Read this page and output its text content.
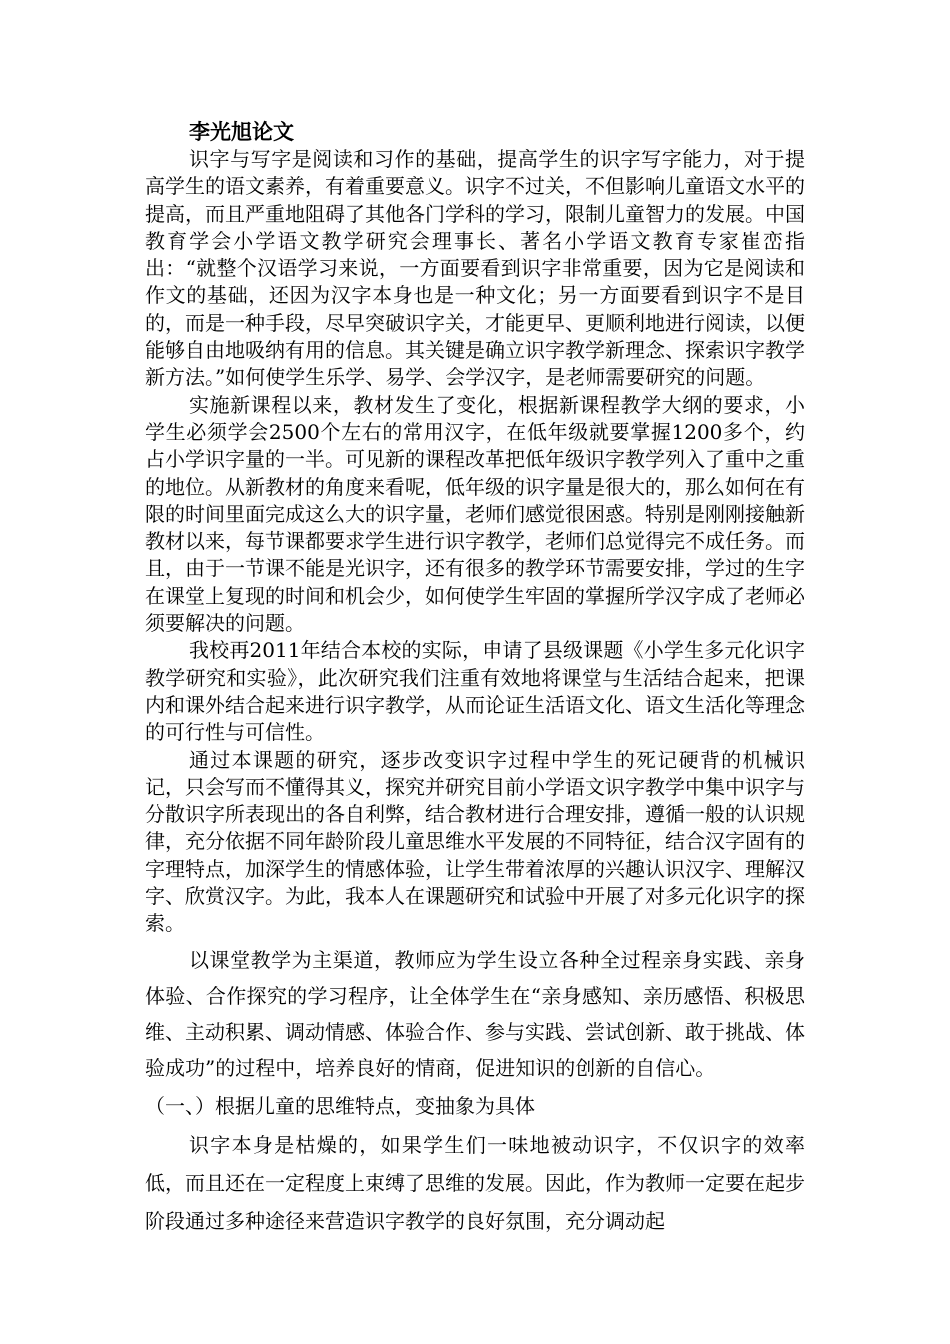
李光旭论文

识字与写字是阅读和习作的基础，提高学生的识字写字能力，对于提高学生的语文素养，有着重要意义。识字不过关，不但影响儿童语文水平的提高，而且严重地阻碍了其他各门学科的学习，限制儿童智力的发展。中国教育学会小学语文教学研究会理事长、著名小学语文教育专家崔峦指出：“就整个汉语学习来说，一方面要看到识字非常重要，因为它是阅读和作文的基础，还因为汉字本身也是一种文化；另一方面要看到识字不是目的，而是一种手段，尽早突破识字关，才能更早、更顺利地进行阅读，以便能够自由地吸纳有用的信息。其关键是确立识字教学新理念、探索识字教学新方法。”如何使学生乐学、易学、会学汉字，是老师需要研究的问题。

实施新课程以来，教材发生了变化，根据新课程教学大纲的要求，小学生必须学会2500个左右的常用汉字，在低年级就要掌握1200多个，约占小学识字量的一半。可见新的课程改革把低年级识字教学列入了重中之重的地位。从新教材的角度来看呢，低年级的识字量是很大的，那么如何在有限的时间里面完成这么大的识字量，老师们感觉很困惑。特别是刚刚接触新教材以来，每节课都要求学生进行识字教学，老师们总觉得完不成任务。而且，由于一节课不能是光识字，还有很多的教学环节需要安排，学过的生字在课堂上复现的时间和机会少，如何使学生牢固的掌握所学汉字成了老师必须要解决的问题。

我校再2011年结合本校的实际，申请了县级课题《小学生多元化识字教学研究和实验》，此次研究我们注重有效地将课堂与生活结合起来，把课内和课外结合起来进行识字教学，从而论证生活语文化、语文生活化等理念的可行性与可信性。

通过本课题的研究，逐步改变识字过程中学生的死记硬背的机械识记，只会写而不懂得其义，探究并研究目前小学语文识字教学中集中识字与分散识字所表现出的各自利弊，结合教材进行合理安排，遵循一般的认识规律，充分依据不同年龄阶段儿童思维水平发展的不同特征，结合汉字固有的字理特点，加深学生的情感体验，让学生带着浓厚的兴趣认识汉字、理解汉字、欣赏汉字。为此，我本人在课题研究和试验中开展了对多元化识字的探索。

以课堂教学为主渠道，教师应为学生设立各种全过程亲身实践、亲身体验、合作探究的学习程序，让全体学生在“亲身感知、亲历感悟、积极思维、主动积累、调动情感、体验合作、参与实践、尝试创新、敢于挑战、体验成功”的过程中，培养良好的情商，促进知识的创新的自信心。

（一、）根据儿童的思维特点，变抽象为具体

识字本身是枯燥的，如果学生们一味地被动识字，不仅识字的效率低，而且还在一定程度上束缚了思维的发展。因此，作为教师一定要在起步阶段通过多种途径来营造识字教学的良好氛围，充分调动起
